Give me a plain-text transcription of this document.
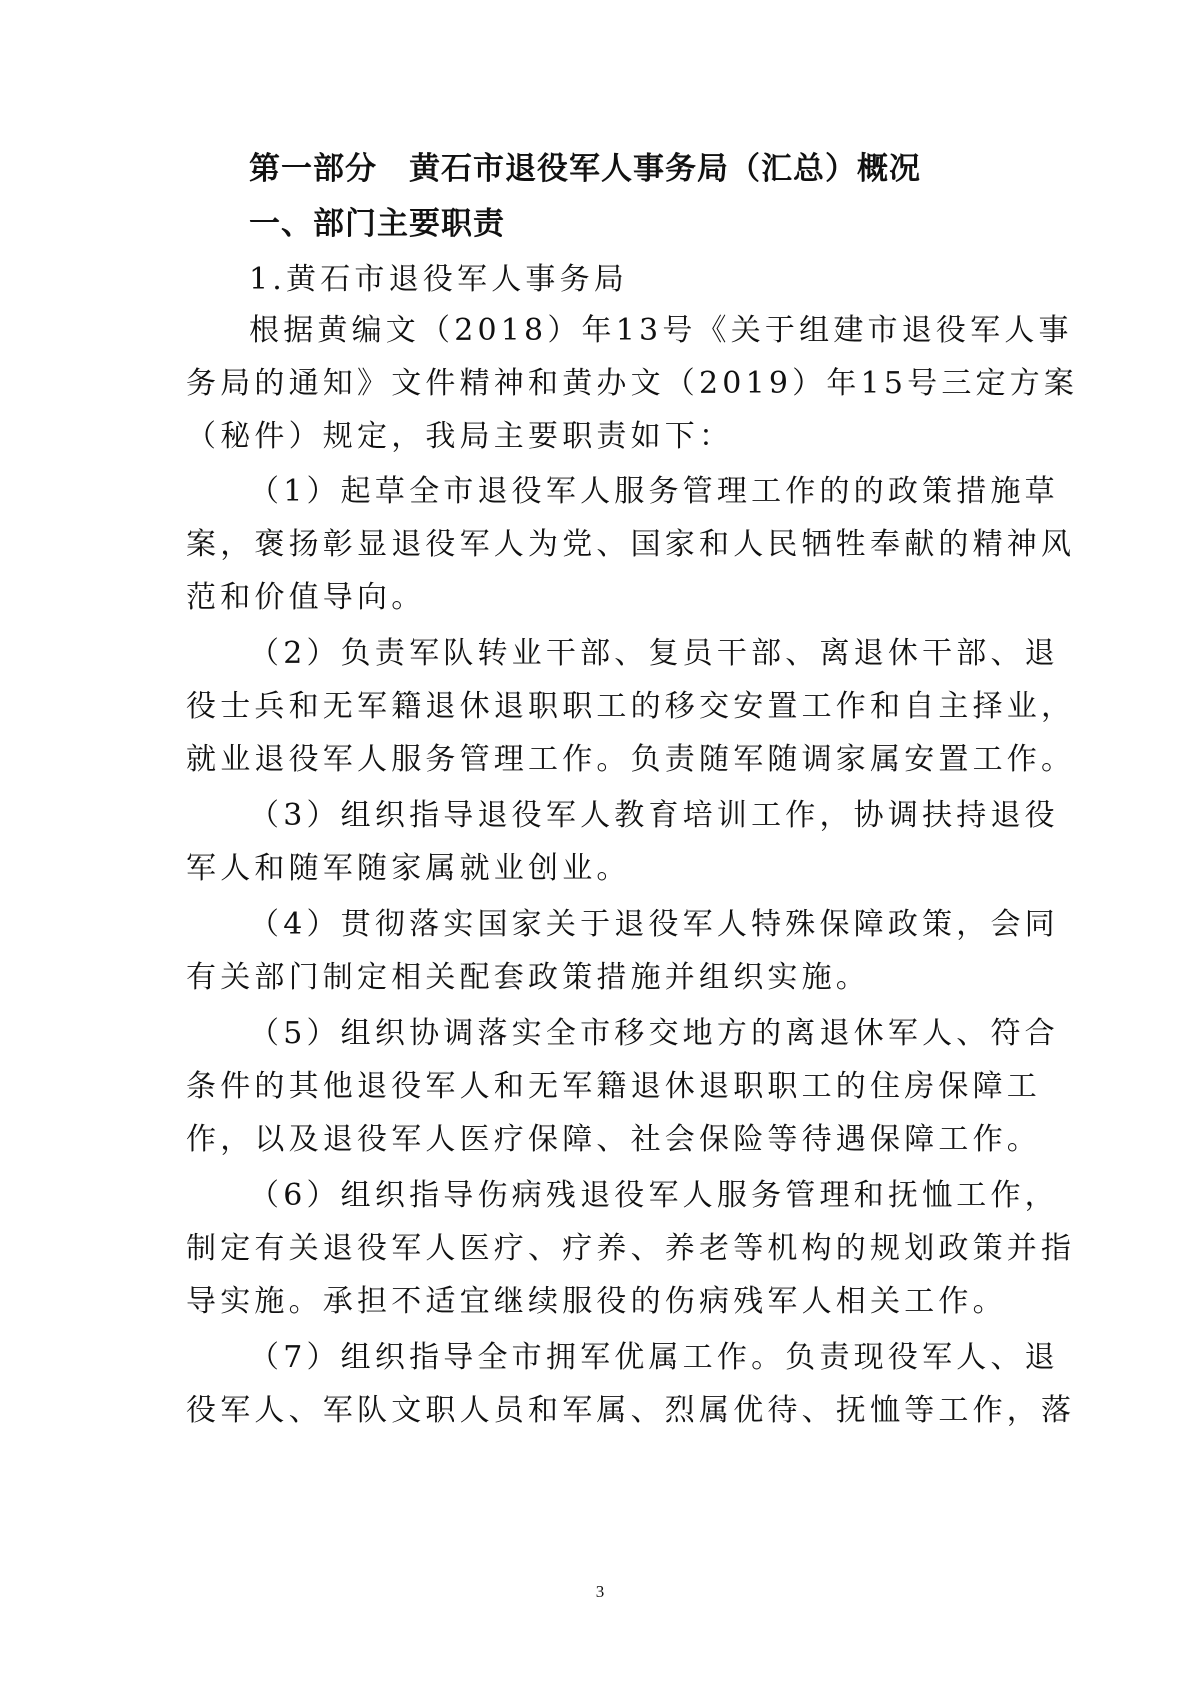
第一部分　黄石市退役军人事务局（汇总）概况
一、部门主要职责
1.黄石市退役军人事务局
根据黄编文（2018）年13号《关于组建市退役军人事
务局的通知》文件精神和黄办文（2019）年15号三定方案
（秘件）规定，我局主要职责如下：
（1）起草全市退役军人服务管理工作的的政策措施草
案，褒扬彰显退役军人为党、国家和人民牺牲奉献的精神风
范和价值导向。
（2）负责军队转业干部、复员干部、离退休干部、退
役士兵和无军籍退休退职职工的移交安置工作和自主择业，
就业退役军人服务管理工作。负责随军随调家属安置工作。
（3）组织指导退役军人教育培训工作，协调扶持退役
军人和随军随家属就业创业。
（4）贯彻落实国家关于退役军人特殊保障政策，会同
有关部门制定相关配套政策措施并组织实施。
（5）组织协调落实全市移交地方的离退休军人、符合
条件的其他退役军人和无军籍退休退职职工的住房保障工
作，以及退役军人医疗保障、社会保险等待遇保障工作。
（6）组织指导伤病残退役军人服务管理和抚恤工作，
制定有关退役军人医疗、疗养、养老等机构的规划政策并指
导实施。承担不适宜继续服役的伤病残军人相关工作。
（7）组织指导全市拥军优属工作。负责现役军人、退
役军人、军队文职人员和军属、烈属优待、抚恤等工作，落
3
